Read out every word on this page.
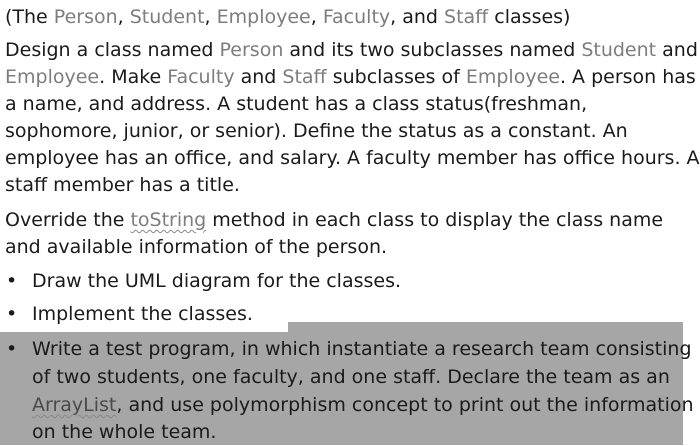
(The Person, Student, Employee, Faculty, and Staff classes)
Design a class named Person and its two subclasses named Student and
Employee. Make Faculty and Staff subclasses of Employee. A person has
a name, and address. A student has a class status(freshman,
sophomore, junior, or senior). Define the status as a constant. An
employee has an office, and salary. A faculty member has office hours. A
staff member has a title.
Override the toString method in each class to display the class name
and available information of the person.
• Draw the UML diagram for the classes.
• Implement the classes.
• Write a test program, in which instantiate a research team consisting
of two students, one faculty, and one staff. Declare the team as an
ArrayList, and use polymorphism concept to print out the information
on the whole team.
